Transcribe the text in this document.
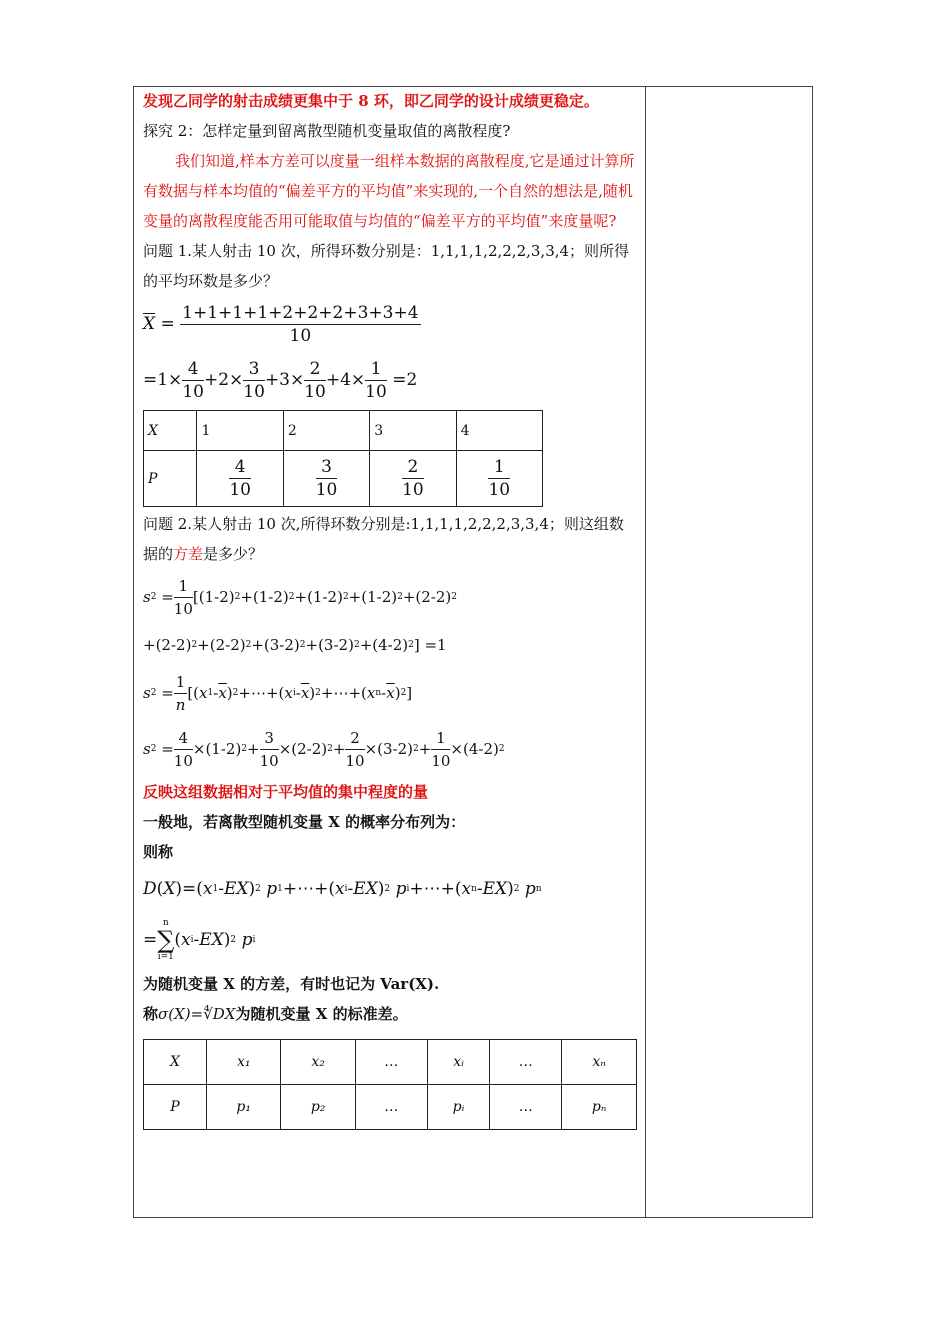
发现乙同学的射击成绩更集中于 8 环，即乙同学的设计成绩更稳定。
探究 2：怎样定量到留离散型随机变量取值的离散程度?
我们知道,样本方差可以度量一组样本数据的离散程度,它是通过计算所有数据与样本均值的“偏差平方的平均值”来实现的,一个自然的想法是,随机变量的离散程度能否用可能取值与均值的“偏差平方的平均值”来度量呢?
问题 1.某人射击 10 次，所得环数分别是：1,1,1,1,2,2,2,3,3,4；则所得的平均环数是多少？
$\overline{X} = \frac{1+1+1+1+2+2+2+3+3+4}{10}$
$=1\times \frac{4}{10} +2\times \frac{3}{10} +3\times \frac{2}{10} +4\times \frac{1}{10} =2$
X	1	2	3	4
P	$\frac{4}{10}$	$\frac{3}{10}$	$\frac{2}{10}$	$\frac{1}{10}$
问题 2.某人射击 10 次,所得环数分别是:1,1,1,1,2,2,2,3,3,4；则这组数据的方差是多少？
s $2 = \frac{1}{10} [(1-2)$ 2 +(1-2) 2 +(1-2) 2 +(1-2) 2 +(2-2) 2
+(2-2) 2 +(2-2) 2 +(3-2) 2 +(3-2) 2 +(4-2) 2 ] =1
s $2 = \frac{1}{n}$ [( x $1 - \overline{x}$ ) 2 +⋯+( x i - $\overline{x}$ ) 2 +⋯+( x n - $\overline{x}$ ) 2 ]
s $2 = \frac{4}{10} \times(1-2) 2 + \frac{3}{10} \times(2-2) 2 + \frac{2}{10} \times(3-2) 2 + \frac{1}{10} \times(4-2)$ 2
反映这组数据相对于平均值的集中程度的量
一般地，若离散型随机变量 X 的概率分布列为：
则称
D ( X )=( x 1 - EX ) 2
p 1 +⋯+( x i - EX ) 2
p i +⋯+( x n - EX ) 2
p n
=
n
∑
i=1
( x i - EX ) 2
p i
为随机变量 X 的方差，有时也记为 Var(X).
称σ(X)=∜DX为随机变量 X 的标准差。
X	x₁	x₂	…	xᵢ	…	xₙ
P	p₁	p₂	…	pᵢ	…	pₙ
